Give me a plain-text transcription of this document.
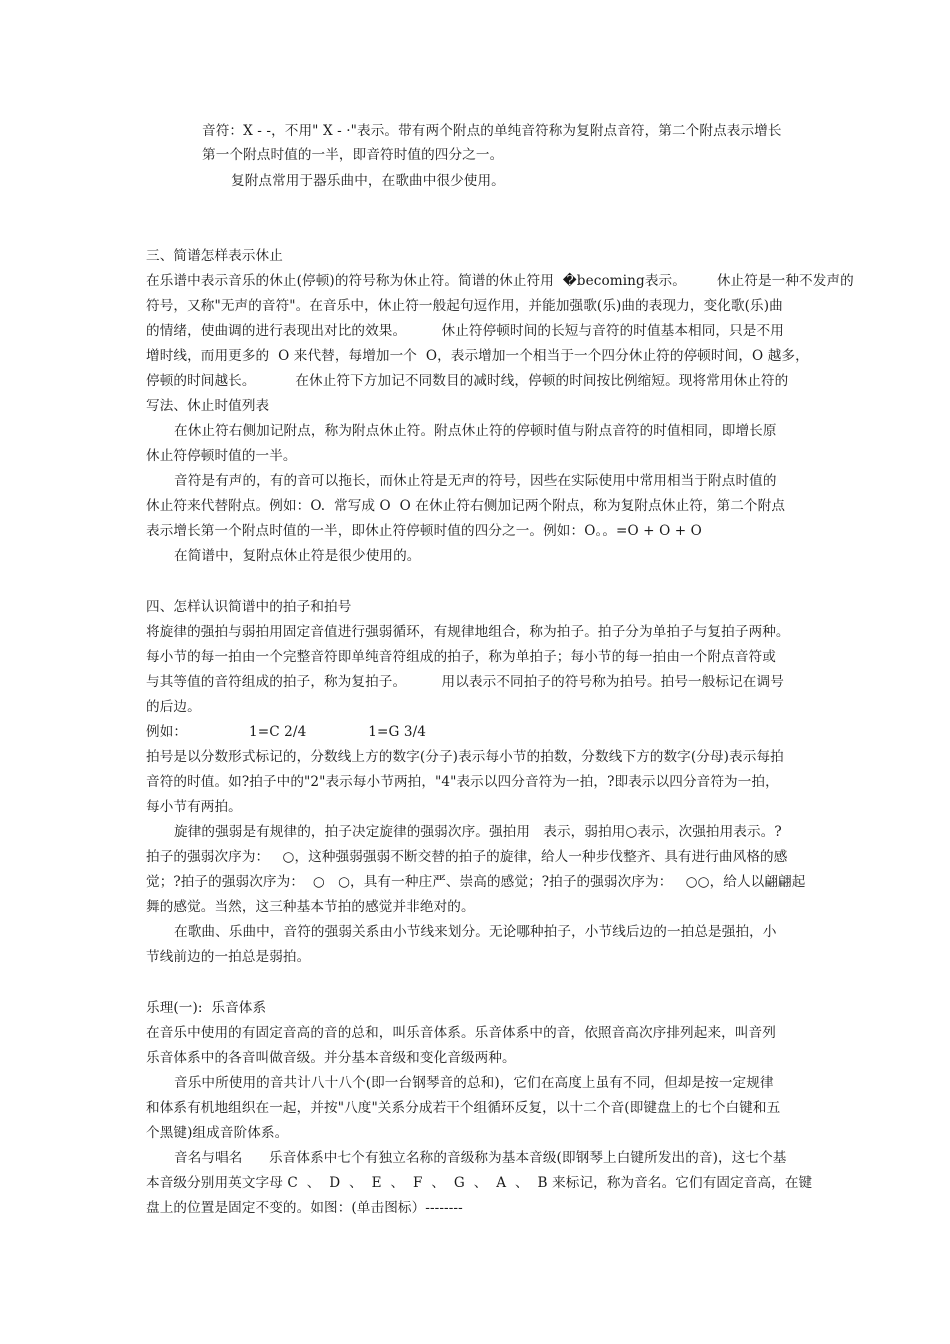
音符：X - -，不用" X - ·"表示。带有两个附点的单纯音符称为复附点音符，第二个附点表示增长
第一个附点时值的一半，即音符时值的四分之一。
复附点常用于器乐曲中，在歌曲中很少使用。
三、简谱怎样表示休止
在乐谱中表示音乐的休止(停顿)的符号称为休止符。简谱的休止符用  �becoming表示。       休止符是一种不发声的
符号，又称"无声的音符"。在音乐中，休止符一般起句逗作用，并能加强歌(乐)曲的表现力，变化歌(乐)曲
的情绪，使曲调的进行表现出对比的效果。        休止符停顿时间的长短与音符的时值基本相同，只是不用
增时线，而用更多的  O 来代替，每增加一个  O，表示增加一个相当于一个四分休止符的停顿时间，O 越多，
停顿的时间越长。         在休止符下方加记不同数目的减时线，停顿的时间按比例缩短。现将常用休止符的
写法、休止时值列表
在休止符右侧加记附点，称为附点休止符。附点休止符的停顿时值与附点音符的时值相同，即增长原
休止符停顿时值的一半。
音符是有声的，有的音可以拖长，而休止符是无声的符号，因些在实际使用中常用相当于附点时值的
休止符来代替附点。例如：O.  常写成 O  O 在休止符右侧加记两个附点，称为复附点休止符，第二个附点
表示增长第一个附点时值的一半，即休止符停顿时值的四分之一。例如：O。。=O + O + O
在简谱中，复附点休止符是很少使用的。
四、怎样认识简谱中的拍子和拍号
将旋律的强拍与弱拍用固定音值进行强弱循环，有规律地组合，称为拍子。拍子分为单拍子与复拍子两种。
每小节的每一拍由一个完整音符即单纯音符组成的拍子，称为单拍子；每小节的每一拍由一个附点音符或
与其等值的音符组成的拍子，称为复拍子。        用以表示不同拍子的符号称为拍号。拍号一般标记在调号
的后边。
例如：              1=C 2/4              1=G 3/4
拍号是以分数形式标记的，分数线上方的数字(分子)表示每小节的拍数，分数线下方的数字(分母)表示每拍
音符的时值。如?拍子中的"2"表示每小节两拍，"4"表示以四分音符为一拍，?即表示以四分音符为一拍，
每小节有两拍。
旋律的强弱是有规律的，拍子决定旋律的强弱次序。强拍用   表示，弱拍用○表示，次强拍用表示。?
拍子的强弱次序为：   ○，这种强弱强弱不断交替的拍子的旋律，给人一种步伐整齐、具有进行曲风格的感
觉；?拍子的强弱次序为：  ○   ○，具有一种庄严、崇高的感觉；?拍子的强弱次序为：   ○○，给人以翩翩起
舞的感觉。当然，这三种基本节拍的感觉并非绝对的。
在歌曲、乐曲中，音符的强弱关系由小节线来划分。无论哪种拍子，小节线后边的一拍总是强拍，小
节线前边的一拍总是弱拍。
乐理(一):  乐音体系
在音乐中使用的有固定音高的音的总和，叫乐音体系。乐音体系中的音，依照音高次序排列起来，叫音列
乐音体系中的各音叫做音级。并分基本音级和变化音级两种。
音乐中所使用的音共计八十八个(即一台钢琴音的总和)，它们在高度上虽有不同，但却是按一定规律
和体系有机地组织在一起，并按"八度"关系分成若干个组循环反复，以十二个音(即键盘上的七个白键和五
个黑键)组成音阶体系。
音名与唱名      乐音体系中七个有独立名称的音级称为基本音级(即钢琴上白键所发出的音)，这七个基
本音级分别用英文字母 C  、  D  、  E  、  F  、  G  、  A  、  B 来标记，称为音名。它们有固定音高，在键
盘上的位置是固定不变的。如图：(单击图标）--------
